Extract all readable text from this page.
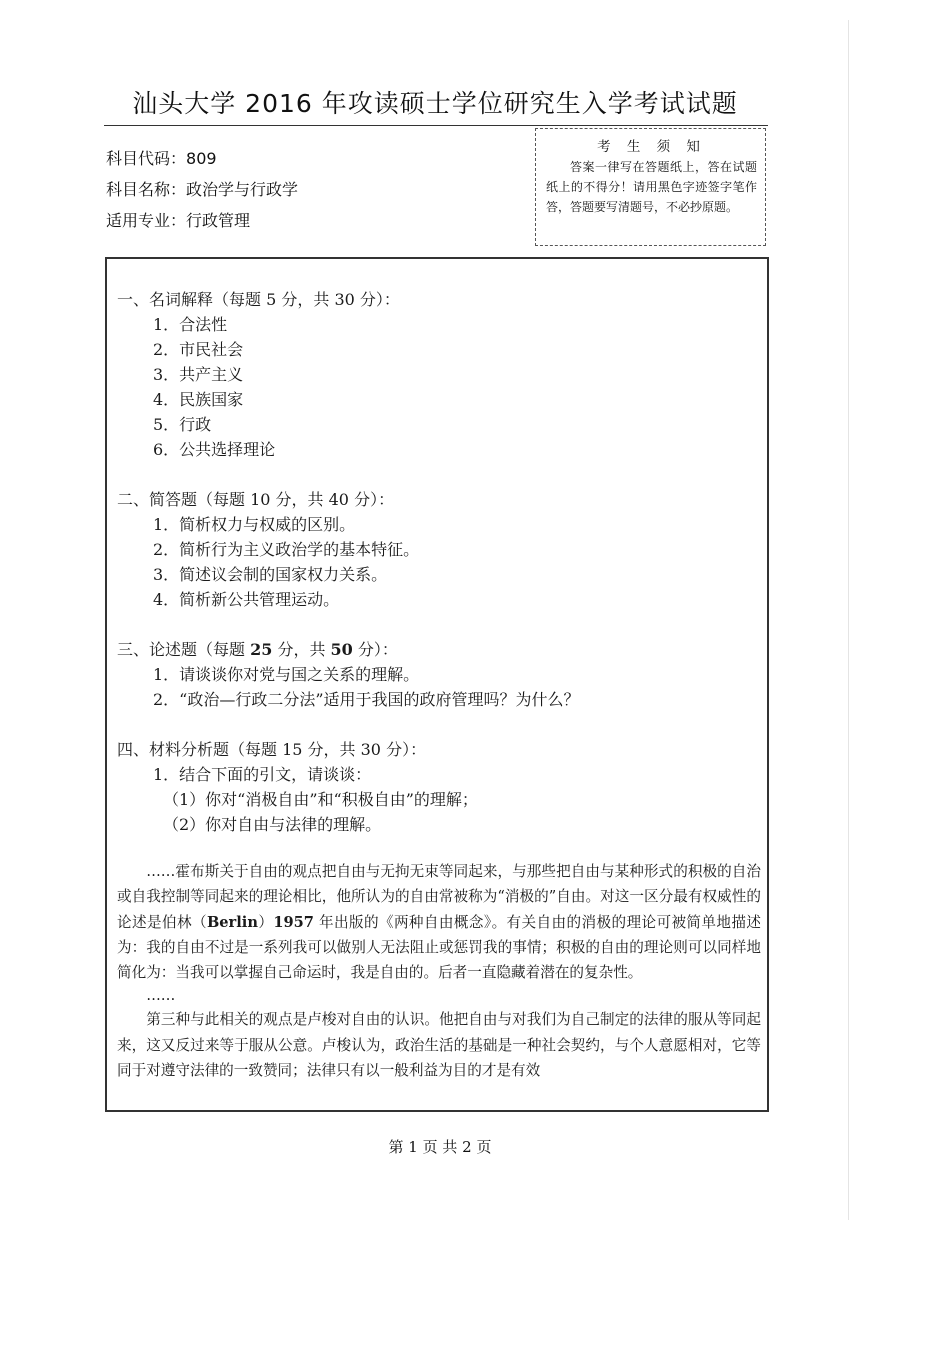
汕头大学 2016 年攻读硕士学位研究生入学考试试题
科目代码：809
科目名称：政治学与行政学
适用专业：行政管理
考 生 须 知
答案一律写在答题纸上，答在试题纸上的不得分！请用黑色字迹签字笔作答，答题要写清题号，不必抄原题。
一、名词解释（每题 5 分，共 30 分）：
1．合法性
2．市民社会
3．共产主义
4．民族国家
5．行政
6．公共选择理论
二、简答题（每题 10 分，共 40 分）：
1．简析权力与权威的区别。
2．简析行为主义政治学的基本特征。
3．简述议会制的国家权力关系。
4．简析新公共管理运动。
三、论述题（每题 25 分，共 50 分）：
1．请谈谈你对党与国之关系的理解。
2．“政治—行政二分法”适用于我国的政府管理吗？为什么？
四、材料分析题（每题 15 分，共 30 分）：
1．结合下面的引文，请谈谈：
（1）你对“消极自由”和“积极自由”的理解；
（2）你对自由与法律的理解。

……霍布斯关于自由的观点把自由与无拘无束等同起来，与那些把自由与某种形式的积极的自治或自我控制等同起来的理论相比，他所认为的自由常被称为“消极的”自由。对这一区分最有权威性的论述是伯林（Berlin）1957 年出版的《两种自由概念》。有关自由的消极的理论可被简单地描述为：我的自由不过是一系列我可以做别人无法阻止或惩罚我的事情；积极的自由的理论则可以同样地简化为：当我可以掌握自己命运时，我是自由的。后者一直隐藏着潜在的复杂性。

……

第三种与此相关的观点是卢梭对自由的认识。他把自由与对我们为自己制定的法律的服从等同起来，这又反过来等于服从公意。卢梭认为，政治生活的基础是一种社会契约，与个人意愿相对，它等同于对遵守法律的一致赞同；法律只有以一般利益为目的才是有效

第 1 页 共 2 页
